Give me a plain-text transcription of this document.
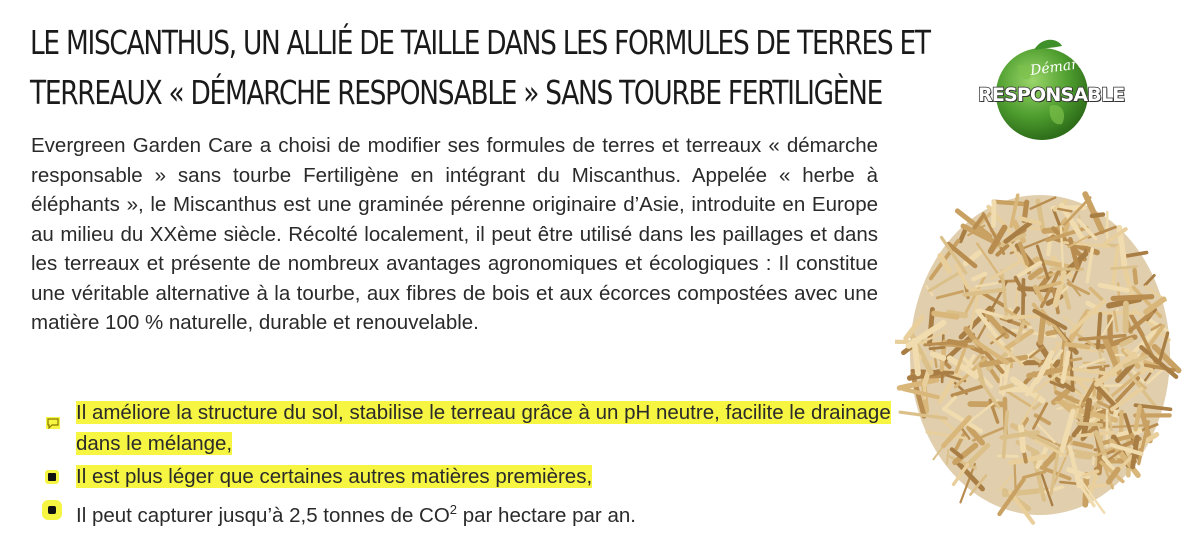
LE MISCANTHUS, UN ALLIÉ DE TAILLE DANS LES FORMULES DE TERRES ET
TERREAUX « DÉMARCHE RESPONSABLE » SANS TOURBE FERTILIGÈNE
Evergreen Garden Care a choisi de modifier ses formules de terres et terreaux « démarche responsable » sans tourbe Fertiligène en intégrant du Miscanthus. Appelée « herbe à éléphants », le Miscanthus est une graminée pérenne originaire d’Asie, introduite en Europe au milieu du XXème siècle. Récolté localement, il peut être utilisé dans les paillages et dans les terreaux et présente de nombreux avantages agronomiques et écologiques : Il constitue une véritable alternative à la tourbe, aux fibres de bois et aux écorces compostées avec une matière 100 % naturelle, durable et renouvelable.
Il améliore la structure du sol, stabilise le terreau grâce à un pH neutre, facilite le drainage dans le mélange,
Il est plus léger que certaines autres matières premières,
Il peut capturer jusqu’à 2,5 tonnes de $CO^2$ par hectare par an.
Démarche
RESPONSABLE
